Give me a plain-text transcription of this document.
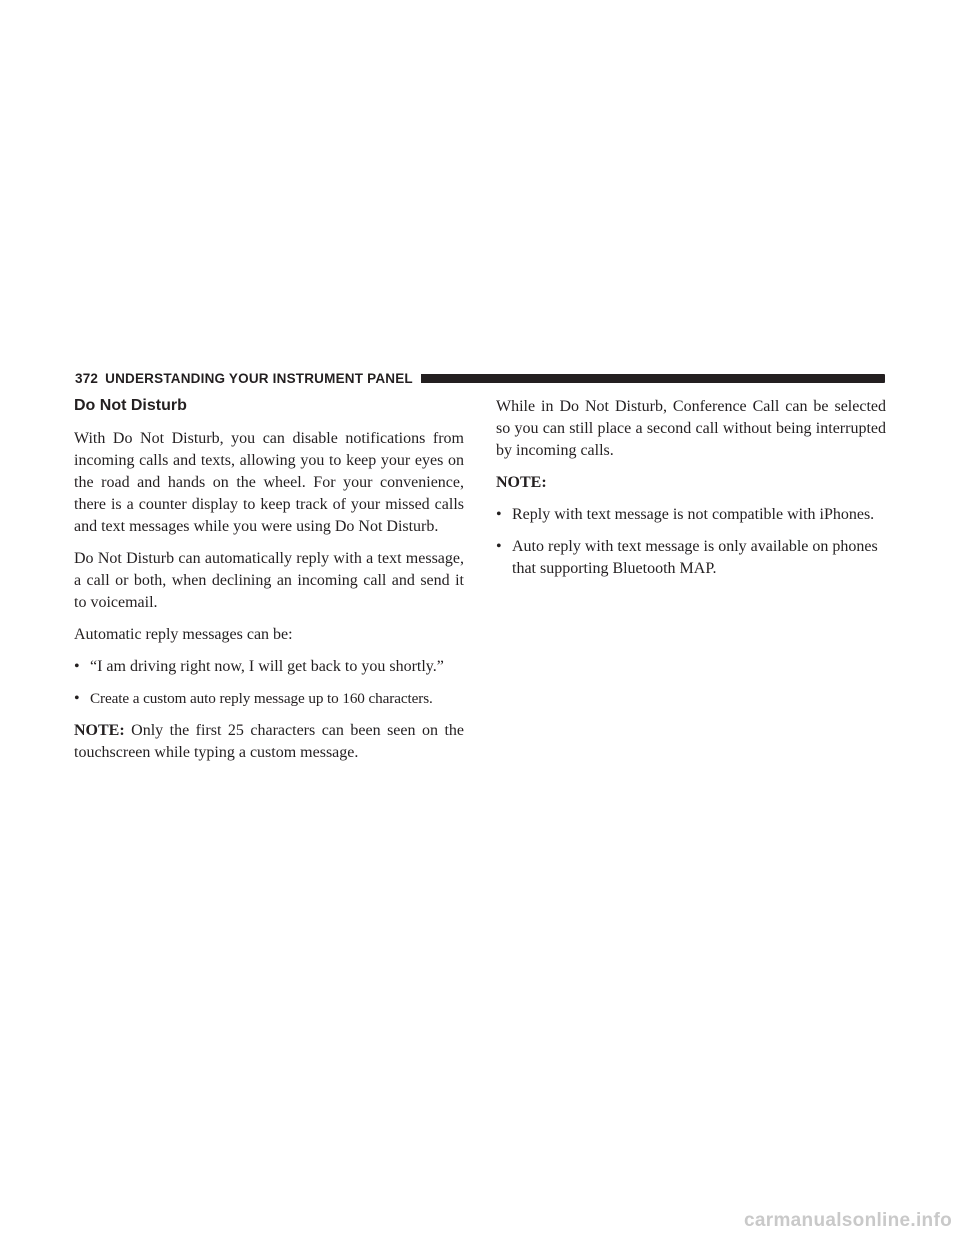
372 UNDERSTANDING YOUR INSTRUMENT PANEL
Do Not Disturb

With Do Not Disturb, you can disable notifications from incoming calls and texts, allowing you to keep your eyes on the road and hands on the wheel. For your convenience, there is a counter display to keep track of your missed calls and text messages while you were using Do Not Disturb.

Do Not Disturb can automatically reply with a text message, a call or both, when declining an incoming call and send it to voicemail.

Automatic reply messages can be:

• “I am driving right now, I will get back to you shortly.”
• Create a custom auto reply message up to 160 characters.

NOTE: Only the first 25 characters can been seen on the touchscreen while typing a custom message.

While in Do Not Disturb, Conference Call can be selected so you can still place a second call without being interrupted by incoming calls.

NOTE:
• Reply with text message is not compatible with iPhones.
• Auto reply with text message is only available on phones that supporting Bluetooth MAP.
carmanualsonline.info
